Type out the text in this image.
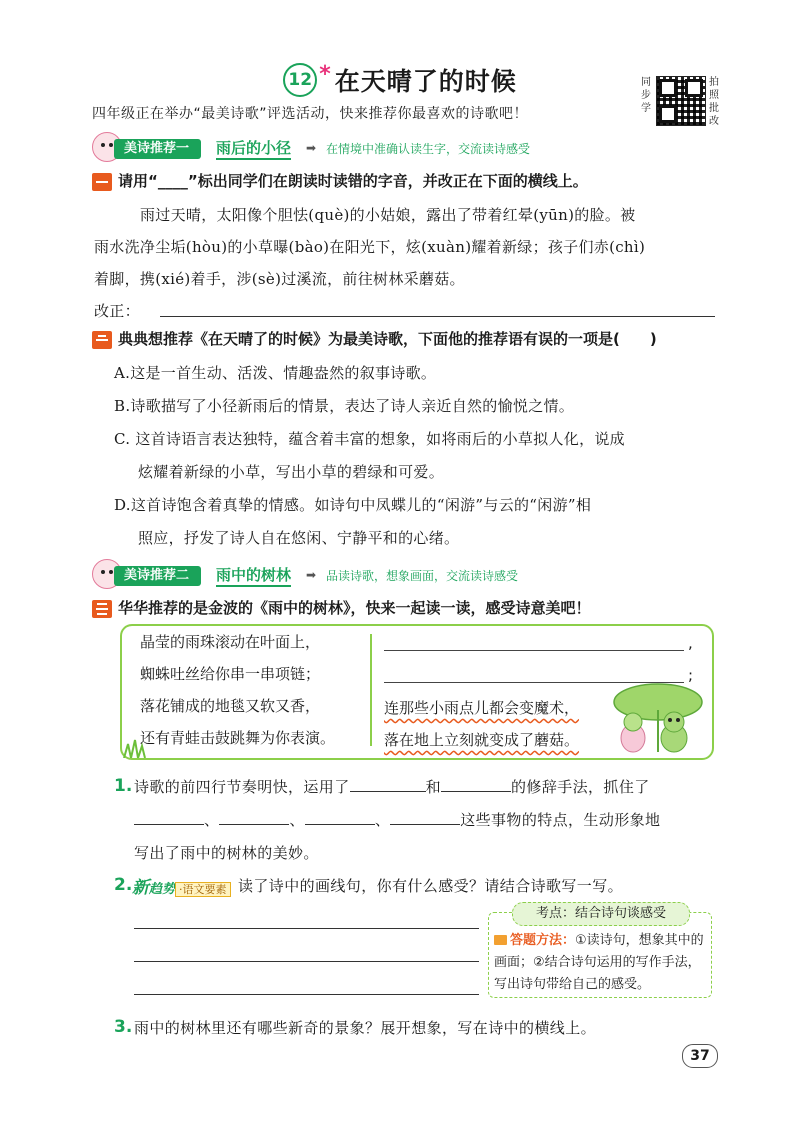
12 * 在天晴了的时候
四年级正在举办“最美诗歌”评选活动，快来推荐你最喜欢的诗歌吧！
同步学
拍照批改
美诗推荐一	雨后的小径 ➡ 在情境中准确认读生字，交流读诗感受
请用“____”标出同学们在朗读时读错的字音，并改正在下面的横线上。
雨过天晴，太阳像个胆怯(què)的小姑娘，露出了带着红晕(yūn)的脸。被
雨水洗净尘垢(hòu)的小草曝(bào)在阳光下，炫(xuàn)耀着新绿；孩子们赤(chì)
着脚，携(xié)着手，涉(sè)过溪流，前往树林采蘑菇。
改正：
典典想推荐《在天晴了的时候》为最美诗歌，下面他的推荐语有误的一项是(　　)
A.这是一首生动、活泼、情趣盎然的叙事诗歌。
B.诗歌描写了小径新雨后的情景，表达了诗人亲近自然的愉悦之情。
C. 这首诗语言表达独特，蕴含着丰富的想象，如将雨后的小草拟人化，说成
炫耀着新绿的小草，写出小草的碧绿和可爱。
D.这首诗饱含着真挚的情感。如诗句中凤蝶儿的“闲游”与云的“闲游”相
照应，抒发了诗人自在悠闲、宁静平和的心绪。
美诗推荐二	雨中的树林 ➡ 品读诗歌，想象画面，交流读诗感受
华华推荐的是金波的《雨中的树林》，快来一起读一读，感受诗意美吧！
晶莹的雨珠滚动在叶面上，
蜘蛛吐丝给你串一串项链；
落花铺成的地毯又软又香，
还有青蛙击鼓跳舞为你表演。
,
;
连那些小雨点儿都会变魔术，
落在地上立刻就变成了蘑菇。
1. 诗歌的前四行节奏明快，运用了	和	的修辞手法，抓住了
、	、	、	这些事物的特点，生动形象地
写出了雨中的树林的美妙。
2. 新趋势 ·语文要素 读了诗中的画线句，你有什么感受？请结合诗歌写一写。
考点：结合诗句谈感受
答题方法：①读诗句，想象其中的画面；②结合诗句运用的写作手法，写出诗句带给自己的感受。
3. 雨中的树林里还有哪些新奇的景象？展开想象，写在诗中的横线上。
37
